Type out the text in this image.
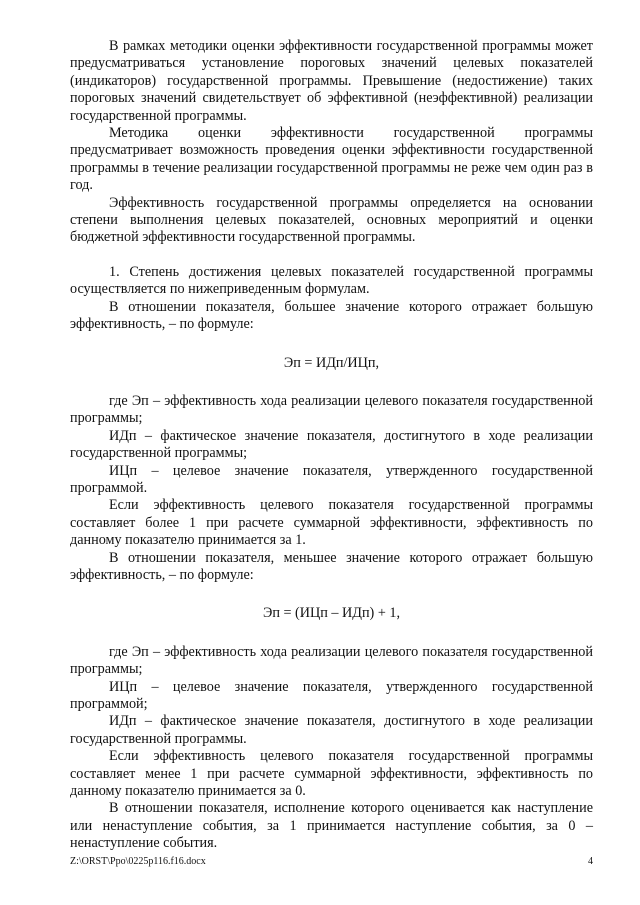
В рамках методики оценки эффективности государственной программы может предусматриваться установление пороговых значений целевых показателей (индикаторов) государственной программы. Превышение (недостижение) таких пороговых значений свидетельствует об эффективной (неэффективной) реализации государственной программы.

Методика оценки эффективности государственной программы предусматривает возможность проведения оценки эффективности государственной программы в течение реализации государственной программы не реже чем один раз в год.

Эффективность государственной программы определяется на основании степени выполнения целевых показателей, основных мероприятий и оценки бюджетной эффективности государственной программы.

1. Степень достижения целевых показателей государственной программы осуществляется по нижеприведенным формулам.

В отношении показателя, большее значение которого отражает большую эффективность, – по формуле:

Эп = ИДп/ИЦп,

где Эп – эффективность хода реализации целевого показателя государственной программы;

ИДп – фактическое значение показателя, достигнутого в ходе реализации государственной программы;

ИЦп – целевое значение показателя, утвержденного государственной программой.

Если эффективность целевого показателя государственной программы составляет более 1 при расчете суммарной эффективности, эффективность по данному показателю принимается за 1.

В отношении показателя, меньшее значение которого отражает большую эффективность, – по формуле:

Эп = (ИЦп – ИДп) + 1,

где Эп – эффективность хода реализации целевого показателя государственной программы;

ИЦп – целевое значение показателя, утвержденного государственной программой;

ИДп – фактическое значение показателя, достигнутого в ходе реализации государственной программы.

Если эффективность целевого показателя государственной программы составляет менее 1 при расчете суммарной эффективности, эффективность по данному показателю принимается за 0.

В отношении показателя, исполнение которого оценивается как наступление или ненаступление события, за 1 принимается наступление события, за 0 – ненаступление события.

Z:\ORST\Ppo\0225p116.f16.docx	4
